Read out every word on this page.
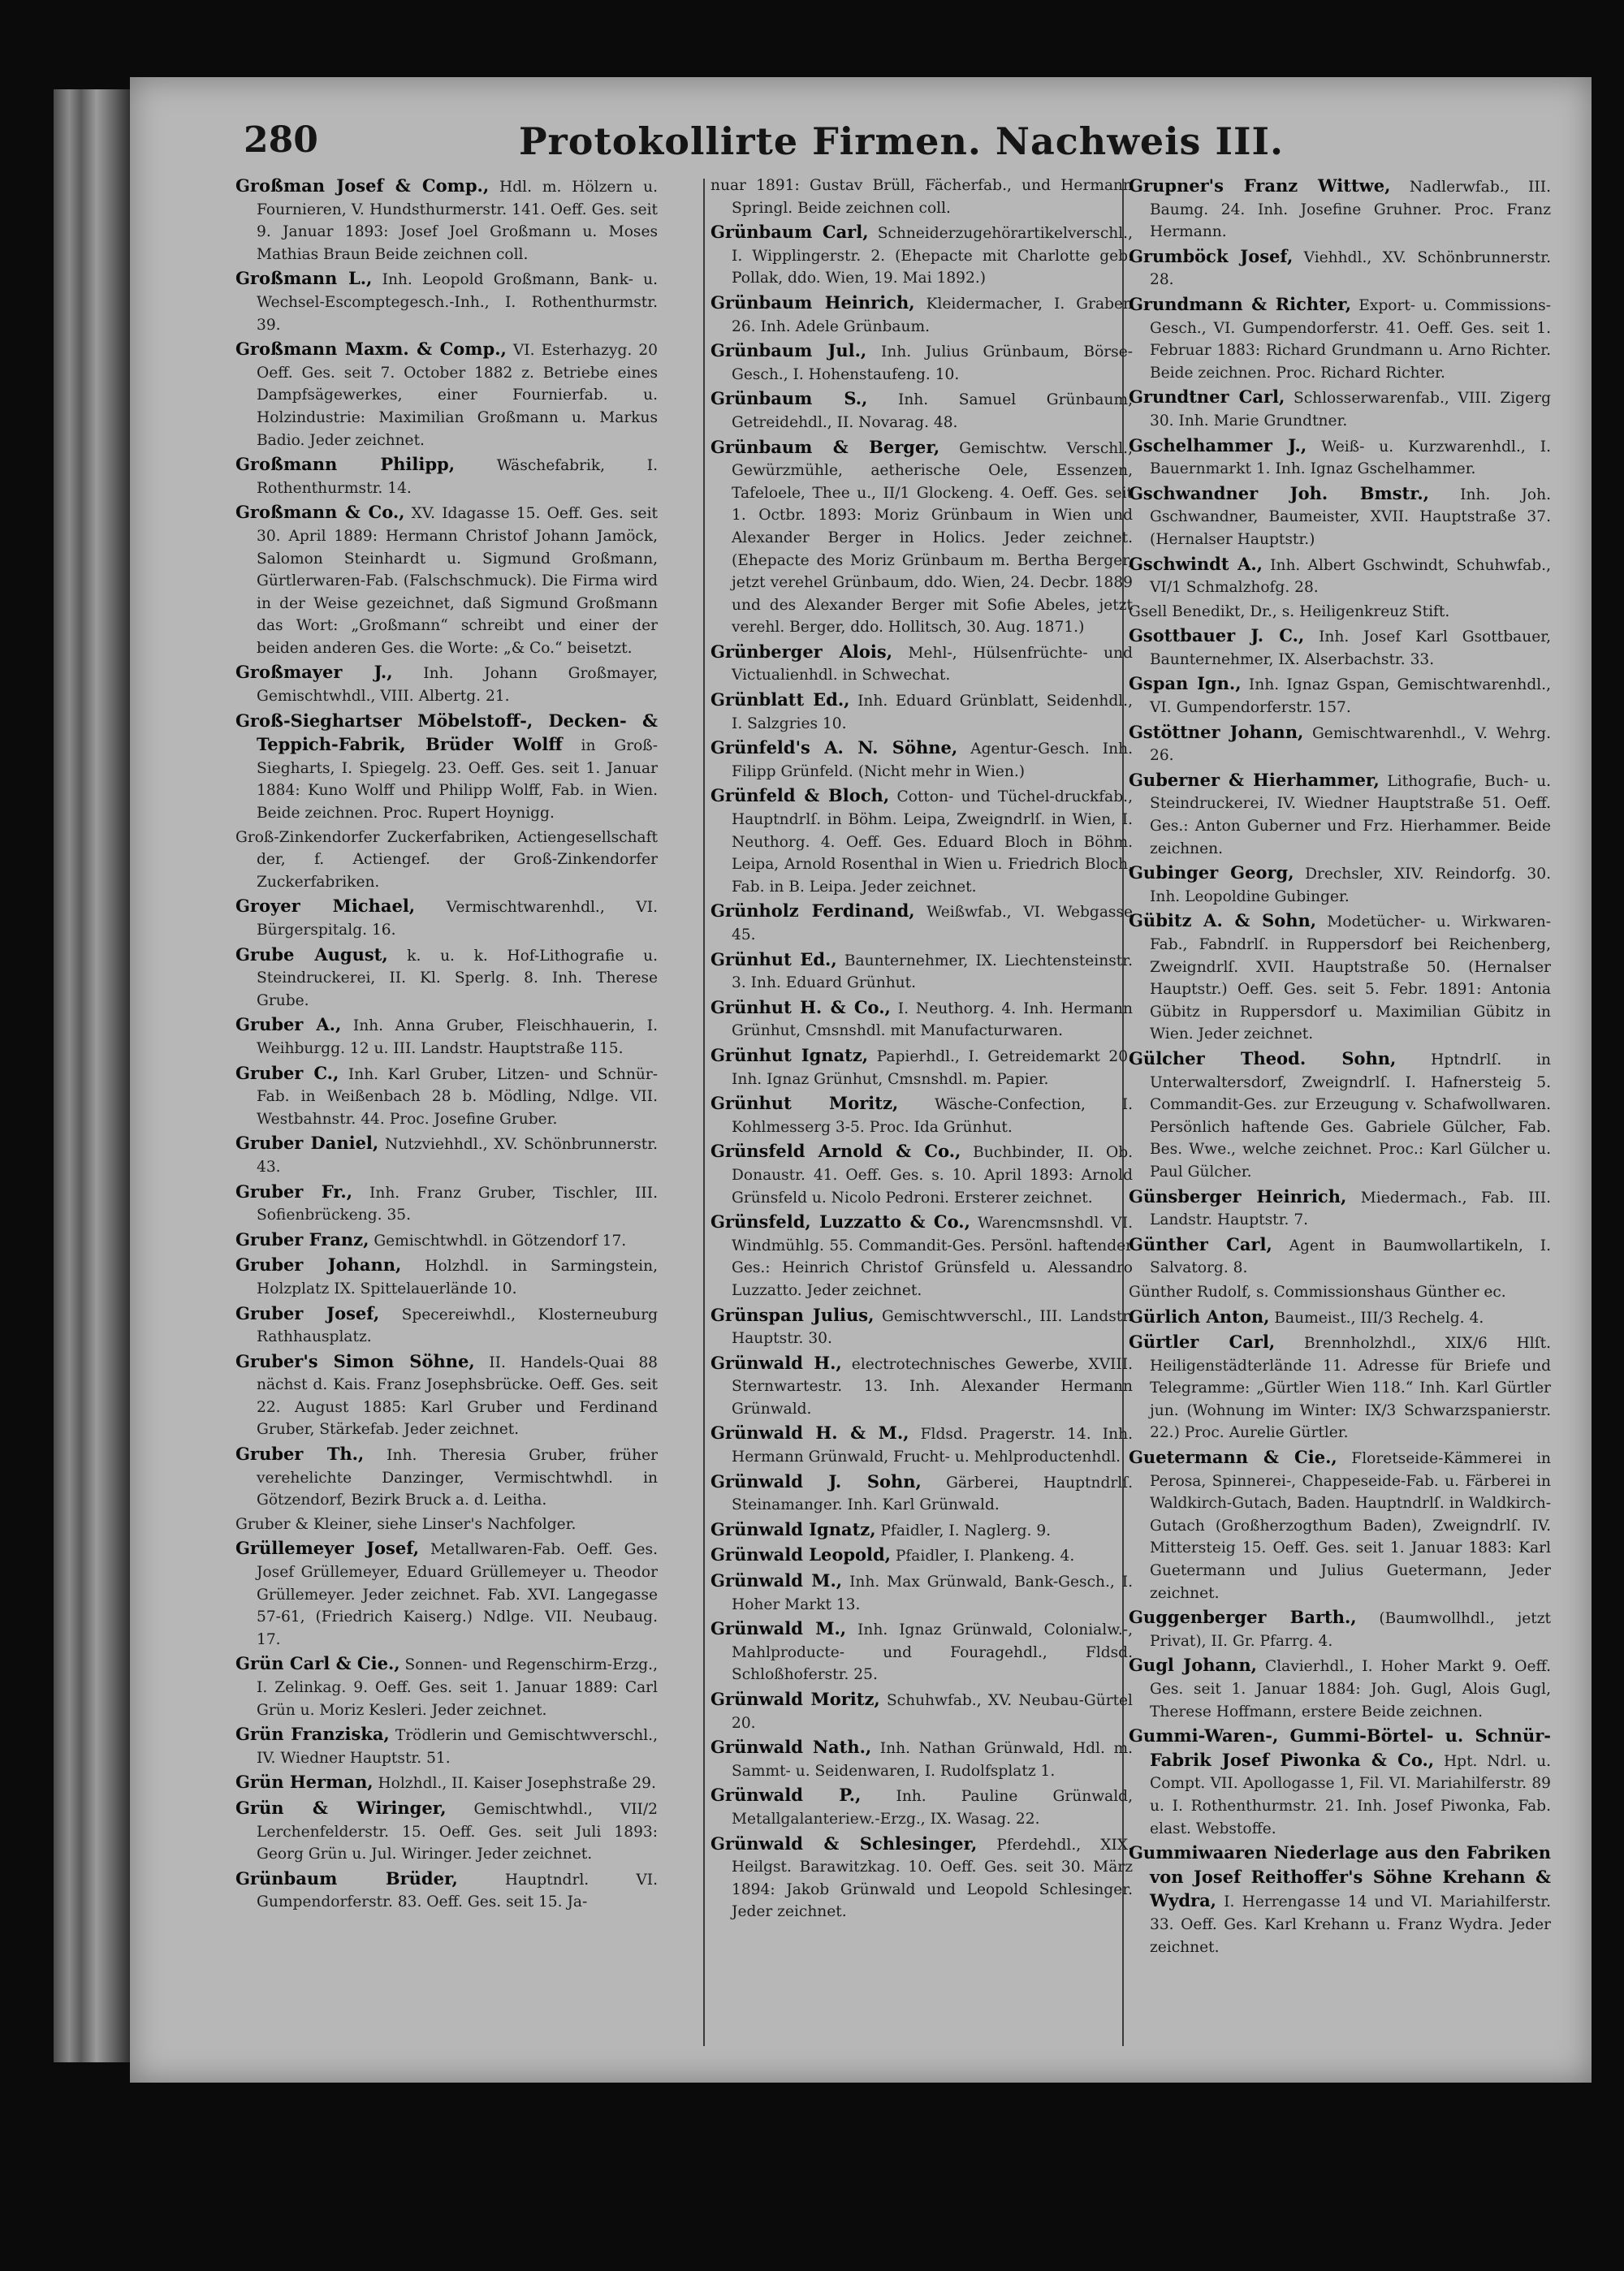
280	Protokollirte Firmen. Nachweis III.

Großman Josef & Comp., Hdl. m. Hölzern u. Fournieren, V. Hundsthurmerstr. 141. Oeff. Ges. seit 9. Januar 1893: Josef Joel Großmann u. Moses Mathias Braun Beide zeichnen coll.

Großmann L., Inh. Leopold Großmann, Bank- u. Wechsel-Escomptegesch.-Inh., I. Rothenthurmstr. 39.

Großmann Maxm. & Comp., VI. Esterhazyg. 20 Oeff. Ges. seit 7. October 1882 z. Betriebe eines Dampfsägewerkes, einer Fournierfab. u. Holzindustrie: Maximilian Großmann u. Markus Badio. Jeder zeichnet.

Großmann Philipp, Wäschefabrik, I. Rothenthurmstr. 14.

Großmann & Co., XV. Idagasse 15. Oeff. Ges. seit 30. April 1889: Hermann Christof Johann Jamöck, Salomon Steinhardt u. Sigmund Großmann, Gürtlerwaren-Fab. (Falschschmuck). Die Firma wird in der Weise gezeichnet, daß Sigmund Großmann das Wort: „Großmann“ schreibt und einer der beiden anderen Ges. die Worte: „& Co.“ beisetzt.

Großmayer J., Inh. Johann Großmayer, Gemischtwhdl., VIII. Albertg. 21.

Groß-Sieghartser Möbelstoff-, Decken- & Teppich-Fabrik, Brüder Wolff in Groß-Siegharts, I. Spiegelg. 23. Oeff. Ges. seit 1. Januar 1884: Kuno Wolff und Philipp Wolff, Fab. in Wien. Beide zeichnen. Proc. Rupert Hoynigg.

Groß-Zinkendorfer Zuckerfabriken, Actiengesellschaft der, f. Actiengef. der Groß-Zinkendorfer Zuckerfabriken.

Groyer Michael, Vermischtwarenhdl., VI. Bürgerspitalg. 16.

Grube August, k. u. k. Hof-Lithografie u. Steindruckerei, II. Kl. Sperlg. 8. Inh. Therese Grube.

Gruber A., Inh. Anna Gruber, Fleischhauerin, I. Weihburgg. 12 u. III. Landstr. Hauptstraße 115.

Gruber C., Inh. Karl Gruber, Litzen- und Schnür-Fab. in Weißenbach 28 b. Mödling, Ndlge. VII. Westbahnstr. 44. Proc. Josefine Gruber.

Gruber Daniel, Nutzviehhdl., XV. Schönbrunnerstr. 43.

Gruber Fr., Inh. Franz Gruber, Tischler, III. Sofienbrückeng. 35.

Gruber Franz, Gemischtwhdl. in Götzendorf 17.

Gruber Johann, Holzhdl. in Sarmingstein, Holzplatz IX. Spittelauerlände 10.

Gruber Josef, Specereiwhdl., Klosterneuburg Rathhausplatz.

Gruber's Simon Söhne, II. Handels-Quai 88 nächst d. Kais. Franz Josephsbrücke. Oeff. Ges. seit 22. August 1885: Karl Gruber und Ferdinand Gruber, Stärkefab. Jeder zeichnet.

Gruber Th., Inh. Theresia Gruber, früher verehelichte Danzinger, Vermischtwhdl. in Götzendorf, Bezirk Bruck a. d. Leitha.

Gruber & Kleiner, siehe Linser's Nachfolger.

Grüllemeyer Josef, Metallwaren-Fab. Oeff. Ges. Josef Grüllemeyer, Eduard Grüllemeyer u. Theodor Grüllemeyer. Jeder zeichnet. Fab. XVI. Langegasse 57-61, (Friedrich Kaiserg.) Ndlge. VII. Neubaug. 17.

Grün Carl & Cie., Sonnen- und Regenschirm-Erzg., I. Zelinkag. 9. Oeff. Ges. seit 1. Januar 1889: Carl Grün u. Moriz Kesleri. Jeder zeichnet.

Grün Franziska, Trödlerin und Gemischtwverschl., IV. Wiedner Hauptstr. 51.

Grün Herman, Holzhdl., II. Kaiser Josephstraße 29.

Grün & Wiringer, Gemischtwhdl., VII/2 Lerchenfelderstr. 15. Oeff. Ges. seit Juli 1893: Georg Grün u. Jul. Wiringer. Jeder zeichnet.

Grünbaum Brüder, Hauptndrl. VI. Gumpendorferstr. 83. Oeff. Ges. seit 15. Ja-

nuar 1891: Gustav Brüll, Fächerfab., und Hermann Springl. Beide zeichnen coll.

Grünbaum Carl, Schneiderzugehörartikelverschl., I. Wipplingerstr. 2. (Ehepacte mit Charlotte geb. Pollak, ddo. Wien, 19. Mai 1892.)

Grünbaum Heinrich, Kleidermacher, I. Graben 26. Inh. Adele Grünbaum.

Grünbaum Jul., Inh. Julius Grünbaum, Börse-Gesch., I. Hohenstaufeng. 10.

Grünbaum S., Inh. Samuel Grünbaum, Getreidehdl., II. Novarag. 48.

Grünbaum & Berger, Gemischtw. Verschl., Gewürzmühle, aetherische Oele, Essenzen, Tafeloele, Thee u., II/1 Glockeng. 4. Oeff. Ges. seit 1. Octbr. 1893: Moriz Grünbaum in Wien und Alexander Berger in Holics. Jeder zeichnet. (Ehepacte des Moriz Grünbaum m. Bertha Berger, jetzt verehel Grünbaum, ddo. Wien, 24. Decbr. 1889 und des Alexander Berger mit Sofie Abeles, jetzt verehl. Berger, ddo. Hollitsch, 30. Aug. 1871.)

Grünberger Alois, Mehl-, Hülsenfrüchte- und Victualienhdl. in Schwechat.

Grünblatt Ed., Inh. Eduard Grünblatt, Seidenhdl., I. Salzgries 10.

Grünfeld's A. N. Söhne, Agentur-Gesch. Inh. Filipp Grünfeld. (Nicht mehr in Wien.)

Grünfeld & Bloch, Cotton- und Tüchel-druckfab., Hauptndrlſ. in Böhm. Leipa, Zweigndrlſ. in Wien, I. Neuthorg. 4. Oeff. Ges. Eduard Bloch in Böhm. Leipa, Arnold Rosenthal in Wien u. Friedrich Bloch, Fab. in B. Leipa. Jeder zeichnet.

Grünholz Ferdinand, Weißwfab., VI. Webgasse 45.

Grünhut Ed., Baunternehmer, IX. Liechtensteinstr. 3. Inh. Eduard Grünhut.

Grünhut H. & Co., I. Neuthorg. 4. Inh. Hermann Grünhut, Cmsnshdl. mit Manufacturwaren.

Grünhut Ignatz, Papierhdl., I. Getreidemarkt 20. Inh. Ignaz Grünhut, Cmsnshdl. m. Papier.

Grünhut Moritz, Wäsche-Confection, I. Kohlmesserg 3-5. Proc. Ida Grünhut.

Grünsfeld Arnold & Co., Buchbinder, II. Ob. Donaustr. 41. Oeff. Ges. s. 10. April 1893: Arnold Grünsfeld u. Nicolo Pedroni. Ersterer zeichnet.

Grünsfeld, Luzzatto & Co., Warencmsnshdl. VI. Windmühlg. 55. Commandit-Ges. Persönl. haftender Ges.: Heinrich Christof Grünsfeld u. Alessandro Luzzatto. Jeder zeichnet.

Grünspan Julius, Gemischtwverschl., III. Landstr. Hauptstr. 30.

Grünwald H., electrotechnisches Gewerbe, XVIII. Sternwartestr. 13. Inh. Alexander Hermann Grünwald.

Grünwald H. & M., Fldsd. Pragerstr. 14. Inh. Hermann Grünwald, Frucht- u. Mehlproductenhdl.

Grünwald J. Sohn, Gärberei, Hauptndrlſ. Steinamanger. Inh. Karl Grünwald.

Grünwald Ignatz, Pfaidler, I. Naglerg. 9.

Grünwald Leopold, Pfaidler, I. Plankeng. 4.

Grünwald M., Inh. Max Grünwald, Bank-Gesch., I. Hoher Markt 13.

Grünwald M., Inh. Ignaz Grünwald, Colonialw.-, Mahlproducte- und Fouragehdl., Fldsd. Schloßhoferstr. 25.

Grünwald Moritz, Schuhwfab., XV. Neubau-Gürtel 20.

Grünwald Nath., Inh. Nathan Grünwald, Hdl. m. Sammt- u. Seidenwaren, I. Rudolfsplatz 1.

Grünwald P., Inh. Pauline Grünwald, Metallgalanteriew.-Erzg., IX. Wasag. 22.

Grünwald & Schlesinger, Pferdehdl., XIX. Heilgst. Barawitzkag. 10. Oeff. Ges. seit 30. März 1894: Jakob Grünwald und Leopold Schlesinger. Jeder zeichnet.

Grupner's Franz Wittwe, Nadlerwfab., III. Baumg. 24. Inh. Josefine Gruhner. Proc. Franz Hermann.

Grumböck Josef, Viehhdl., XV. Schönbrunnerstr. 28.

Grundmann & Richter, Export- u. Commissions-Gesch., VI. Gumpendorferstr. 41. Oeff. Ges. seit 1. Februar 1883: Richard Grundmann u. Arno Richter. Beide zeichnen. Proc. Richard Richter.

Grundtner Carl, Schlosserwarenfab., VIII. Zigerg 30. Inh. Marie Grundtner.

Gschelhammer J., Weiß- u. Kurzwarenhdl., I. Bauernmarkt 1. Inh. Ignaz Gschelhammer.

Gschwandner Joh. Bmstr., Inh. Joh. Gschwandner, Baumeister, XVII. Hauptstraße 37. (Hernalser Hauptstr.)

Gschwindt A., Inh. Albert Gschwindt, Schuhwfab., VI/1 Schmalzhofg. 28.

Gsell Benedikt, Dr., s. Heiligenkreuz Stift.

Gsottbauer J. C., Inh. Josef Karl Gsottbauer, Baunternehmer, IX. Alserbachstr. 33.

Gspan Ign., Inh. Ignaz Gspan, Gemischtwarenhdl., VI. Gumpendorferstr. 157.

Gstöttner Johann, Gemischtwarenhdl., V. Wehrg. 26.

Guberner & Hierhammer, Lithografie, Buch- u. Steindruckerei, IV. Wiedner Hauptstraße 51. Oeff. Ges.: Anton Guberner und Frz. Hierhammer. Beide zeichnen.

Gubinger Georg, Drechsler, XIV. Reindorfg. 30. Inh. Leopoldine Gubinger.

Gübitz A. & Sohn, Modetücher- u. Wirkwaren-Fab., Fabndrlſ. in Ruppersdorf bei Reichenberg, Zweigndrlſ. XVII. Hauptstraße 50. (Hernalser Hauptstr.) Oeff. Ges. seit 5. Febr. 1891: Antonia Gübitz in Ruppersdorf u. Maximilian Gübitz in Wien. Jeder zeichnet.

Gülcher Theod. Sohn, Hptndrlſ. in Unterwaltersdorf, Zweigndrlſ. I. Hafnersteig 5. Commandit-Ges. zur Erzeugung v. Schafwollwaren. Persönlich haftende Ges. Gabriele Gülcher, Fab. Bes. Wwe., welche zeichnet. Proc.: Karl Gülcher u. Paul Gülcher.

Günsberger Heinrich, Miedermach., Fab. III. Landstr. Hauptstr. 7.

Günther Carl, Agent in Baumwollartikeln, I. Salvatorg. 8.

Günther Rudolf, s. Commissionshaus Günther ec.

Gürlich Anton, Baumeist., III/3 Rechelg. 4.

Gürtler Carl, Brennholzhdl., XIX/6 Hlſt. Heiligenstädterlände 11. Adresse für Briefe und Telegramme: „Gürtler Wien 118.“ Inh. Karl Gürtler jun. (Wohnung im Winter: IX/3 Schwarzspanierstr. 22.) Proc. Aurelie Gürtler.

Guetermann & Cie., Floretseide-Kämmerei in Perosa, Spinnerei-, Chappeseide-Fab. u. Färberei in Waldkirch-Gutach, Baden. Hauptndrlſ. in Waldkirch-Gutach (Großherzogthum Baden), Zweigndrlſ. IV. Mittersteig 15. Oeff. Ges. seit 1. Januar 1883: Karl Guetermann und Julius Guetermann, Jeder zeichnet.

Guggenberger Barth., (Baumwollhdl., jetzt Privat), II. Gr. Pfarrg. 4.

Gugl Johann, Clavierhdl., I. Hoher Markt 9. Oeff. Ges. seit 1. Januar 1884: Joh. Gugl, Alois Gugl, Therese Hoffmann, erstere Beide zeichnen.

Gummi-Waren-, Gummi-Börtel- u. Schnür-Fabrik Josef Piwonka & Co., Hpt. Ndrl. u. Compt. VII. Apollogasse 1, Fil. VI. Mariahilferstr. 89 u. I. Rothenthurmstr. 21. Inh. Josef Piwonka, Fab. elast. Webstoffe.

Gummiwaaren Niederlage aus den Fabriken von Josef Reithoffer's Söhne Krehann & Wydra, I. Herrengasse 14 und VI. Mariahilferstr. 33. Oeff. Ges. Karl Krehann u. Franz Wydra. Jeder zeichnet.
